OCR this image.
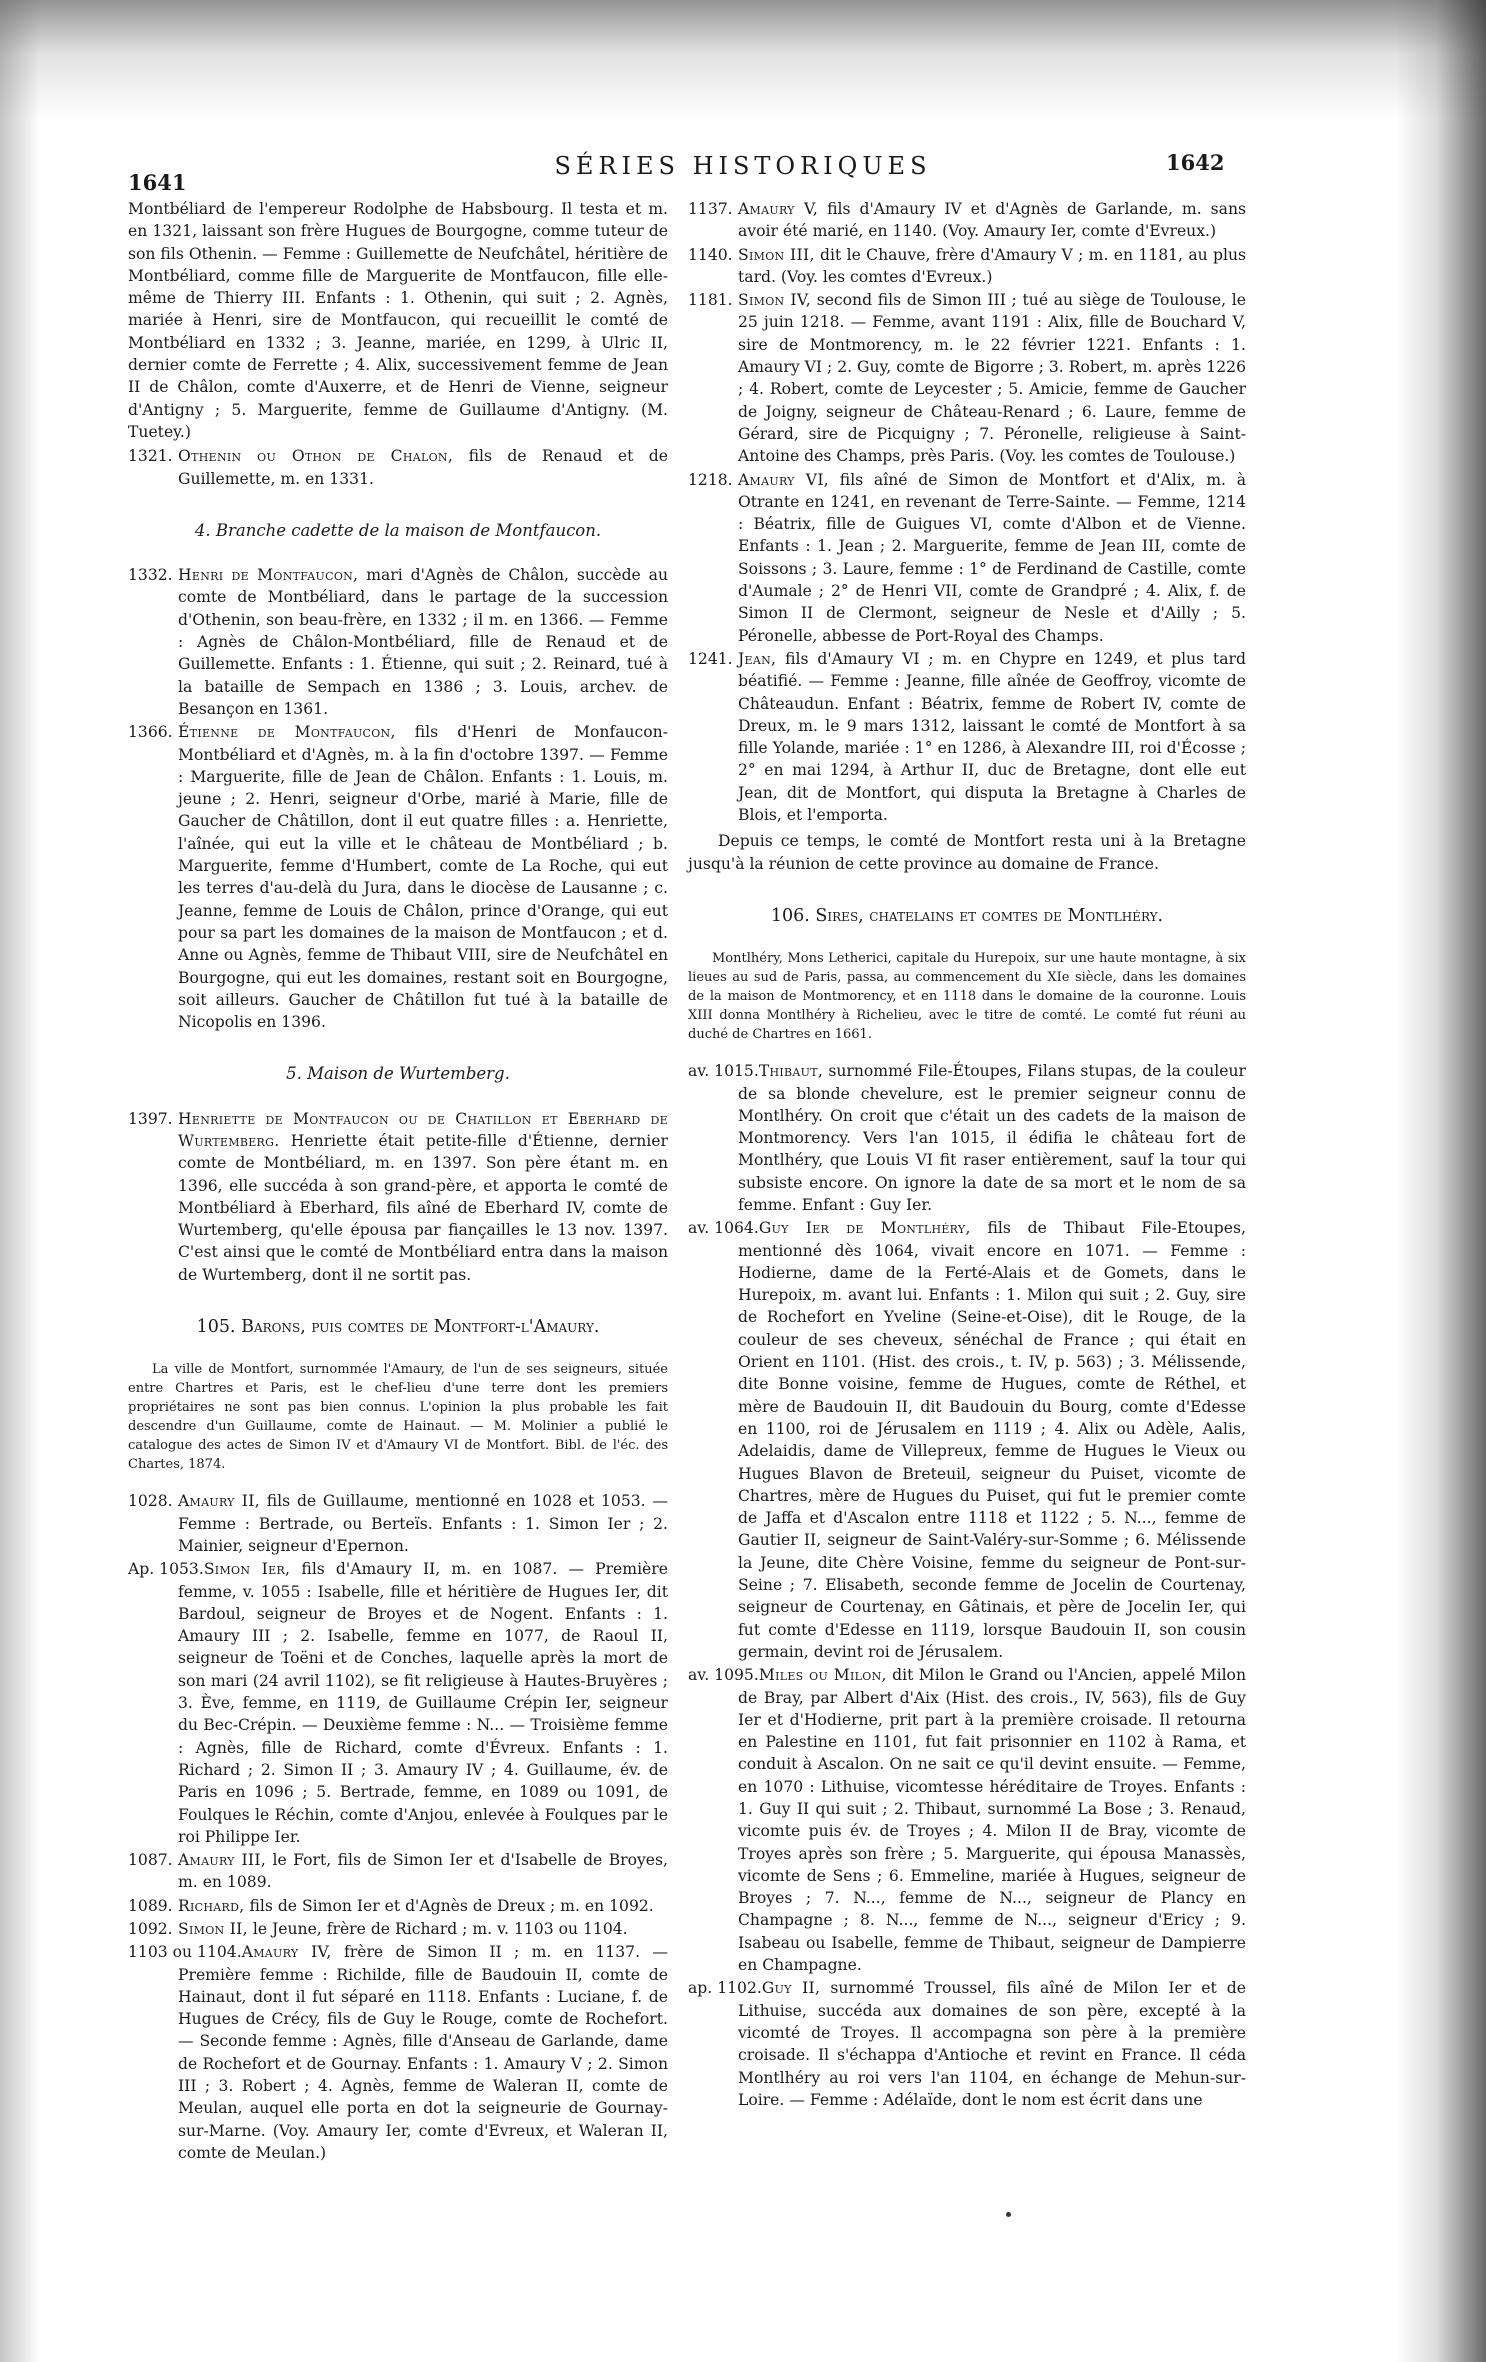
1641
SÉRIES HISTORIQUES	1642

Montbéliard de l'empereur Rodolphe de Habsbourg. Il testa et m. en 1321, laissant son frère Hugues de Bourgogne, comme tuteur de son fils Othenin. — Femme : Guillemette de Neufchâtel, héritière de Montbéliard, comme fille de Marguerite de Montfaucon, fille elle-même de Thierry III. Enfants : 1. Othenin, qui suit ; 2. Agnès, mariée à Henri, sire de Montfaucon, qui recueillit le comté de Montbéliard en 1332 ; 3. Jeanne, mariée, en 1299, à Ulric II, dernier comte de Ferrette ; 4. Alix, successivement femme de Jean II de Châlon, comte d'Auxerre, et de Henri de Vienne, seigneur d'Antigny ; 5. Marguerite, femme de Guillaume d'Antigny. (M. Tuetey.)

1321. Othenin ou Othon de Chalon, fils de Renaud et de Guillemette, m. en 1331.

4. Branche cadette de la maison de Montfaucon.

1332. Henri de Montfaucon, mari d'Agnès de Châlon, succède au comte de Montbéliard, dans le partage de la succession d'Othenin, son beau-frère, en 1332 ; il m. en 1366. — Femme : Agnès de Châlon-Montbéliard, fille de Renaud et de Guillemette. Enfants : 1. Étienne, qui suit ; 2. Reinard, tué à la bataille de Sempach en 1386 ; 3. Louis, archev. de Besançon en 1361.

1366. Étienne de Montfaucon, fils d'Henri de Monfaucon-Montbéliard et d'Agnès, m. à la fin d'octobre 1397. — Femme : Marguerite, fille de Jean de Châlon. Enfants : 1. Louis, m. jeune ; 2. Henri, seigneur d'Orbe, marié à Marie, fille de Gaucher de Châtillon, dont il eut quatre filles : a. Henriette, l'aînée, qui eut la ville et le château de Montbéliard ; b. Marguerite, femme d'Humbert, comte de La Roche, qui eut les terres d'au-delà du Jura, dans le diocèse de Lausanne ; c. Jeanne, femme de Louis de Châlon, prince d'Orange, qui eut pour sa part les domaines de la maison de Montfaucon ; et d. Anne ou Agnès, femme de Thibaut VIII, sire de Neufchâtel en Bourgogne, qui eut les domaines, restant soit en Bourgogne, soit ailleurs. Gaucher de Châtillon fut tué à la bataille de Nicopolis en 1396.

5. Maison de Wurtemberg.

1397. Henriette de Montfaucon ou de Chatillon et Eberhard de Wurtemberg. Henriette était petite-fille d'Étienne, dernier comte de Montbéliard, m. en 1397. Son père étant m. en 1396, elle succéda à son grand-père, et apporta le comté de Montbéliard à Eberhard, fils aîné de Eberhard IV, comte de Wurtemberg, qu'elle épousa par fiançailles le 13 nov. 1397. C'est ainsi que le comté de Montbéliard entra dans la maison de Wurtemberg, dont il ne sortit pas.

105. Barons, puis comtes de Montfort-l'Amaury.

La ville de Montfort, surnommée l'Amaury, de l'un de ses seigneurs, située entre Chartres et Paris, est le chef-lieu d'une terre dont les premiers propriétaires ne sont pas bien connus. L'opinion la plus probable les fait descendre d'un Guillaume, comte de Hainaut. — M. Molinier a publié le catalogue des actes de Simon IV et d'Amaury VI de Montfort. Bibl. de l'éc. des Chartes, 1874.

1028. Amaury II, fils de Guillaume, mentionné en 1028 et 1053. — Femme : Bertrade, ou Berteïs. Enfants : 1. Simon Ier ; 2. Mainier, seigneur d'Epernon.

Ap. 1053.Simon Ier, fils d'Amaury II, m. en 1087. — Première femme, v. 1055 : Isabelle, fille et héritière de Hugues Ier, dit Bardoul, seigneur de Broyes et de Nogent. Enfants : 1. Amaury III ; 2. Isabelle, femme en 1077, de Raoul II, seigneur de Toëni et de Conches, laquelle après la mort de son mari (24 avril 1102), se fit religieuse à Hautes-Bruyères ; 3. Ève, femme, en 1119, de Guillaume Crépin Ier, seigneur du Bec-Crépin. — Deuxième femme : N... — Troisième femme : Agnès, fille de Richard, comte d'Évreux. Enfants : 1. Richard ; 2. Simon II ; 3. Amaury IV ; 4. Guillaume, év. de Paris en 1096 ; 5. Bertrade, femme, en 1089 ou 1091, de Foulques le Réchin, comte d'Anjou, enlevée à Foulques par le roi Philippe Ier.

1087. Amaury III, le Fort, fils de Simon Ier et d'Isabelle de Broyes, m. en 1089.

1089. Richard, fils de Simon Ier et d'Agnès de Dreux ; m. en 1092.

1092. Simon II, le Jeune, frère de Richard ; m. v. 1103 ou 1104.

1103 ou 1104.Amaury IV, frère de Simon II ; m. en 1137. — Première femme : Richilde, fille de Baudouin II, comte de Hainaut, dont il fut séparé en 1118. Enfants : Luciane, f. de Hugues de Crécy, fils de Guy le Rouge, comte de Rochefort. — Seconde femme : Agnès, fille d'Anseau de Garlande, dame de Rochefort et de Gournay. Enfants : 1. Amaury V ; 2. Simon III ; 3. Robert ; 4. Agnès, femme de Waleran II, comte de Meulan, auquel elle porta en dot la seigneurie de Gournay-sur-Marne. (Voy. Amaury Ier, comte d'Evreux, et Waleran II, comte de Meulan.)

1137. Amaury V, fils d'Amaury IV et d'Agnès de Garlande, m. sans avoir été marié, en 1140. (Voy. Amaury Ier, comte d'Evreux.)

1140. Simon III, dit le Chauve, frère d'Amaury V ; m. en 1181, au plus tard. (Voy. les comtes d'Evreux.)

1181. Simon IV, second fils de Simon III ; tué au siège de Toulouse, le 25 juin 1218. — Femme, avant 1191 : Alix, fille de Bouchard V, sire de Montmorency, m. le 22 février 1221. Enfants : 1. Amaury VI ; 2. Guy, comte de Bigorre ; 3. Robert, m. après 1226 ; 4. Robert, comte de Leycester ; 5. Amicie, femme de Gaucher de Joigny, seigneur de Château-Renard ; 6. Laure, femme de Gérard, sire de Picquigny ; 7. Péronelle, religieuse à Saint-Antoine des Champs, près Paris. (Voy. les comtes de Toulouse.)

1218. Amaury VI, fils aîné de Simon de Montfort et d'Alix, m. à Otrante en 1241, en revenant de Terre-Sainte. — Femme, 1214 : Béatrix, fille de Guigues VI, comte d'Albon et de Vienne. Enfants : 1. Jean ; 2. Marguerite, femme de Jean III, comte de Soissons ; 3. Laure, femme : 1° de Ferdinand de Castille, comte d'Aumale ; 2° de Henri VII, comte de Grandpré ; 4. Alix, f. de Simon II de Clermont, seigneur de Nesle et d'Ailly ; 5. Péronelle, abbesse de Port-Royal des Champs.

1241. Jean, fils d'Amaury VI ; m. en Chypre en 1249, et plus tard béatifié. — Femme : Jeanne, fille aînée de Geoffroy, vicomte de Châteaudun. Enfant : Béatrix, femme de Robert IV, comte de Dreux, m. le 9 mars 1312, laissant le comté de Montfort à sa fille Yolande, mariée : 1° en 1286, à Alexandre III, roi d'Écosse ; 2° en mai 1294, à Arthur II, duc de Bretagne, dont elle eut Jean, dit de Montfort, qui disputa la Bretagne à Charles de Blois, et l'emporta.

Depuis ce temps, le comté de Montfort resta uni à la Bretagne jusqu'à la réunion de cette province au domaine de France.

106. Sires, chatelains et comtes de Montlhéry.

Montlhéry, Mons Letherici, capitale du Hurepoix, sur une haute montagne, à six lieues au sud de Paris, passa, au commencement du XIe siècle, dans les domaines de la maison de Montmorency, et en 1118 dans le domaine de la couronne. Louis XIII donna Montlhéry à Richelieu, avec le titre de comté. Le comté fut réuni au duché de Chartres en 1661.

av. 1015.Thibaut, surnommé File-Étoupes, Filans stupas, de la couleur de sa blonde chevelure, est le premier seigneur connu de Montlhéry. On croit que c'était un des cadets de la maison de Montmorency. Vers l'an 1015, il édifia le château fort de Montlhéry, que Louis VI fit raser entièrement, sauf la tour qui subsiste encore. On ignore la date de sa mort et le nom de sa femme. Enfant : Guy Ier.

av. 1064.Guy Ier de Montlhéry, fils de Thibaut File-Etoupes, mentionné dès 1064, vivait encore en 1071. — Femme : Hodierne, dame de la Ferté-Alais et de Gomets, dans le Hurepoix, m. avant lui. Enfants : 1. Milon qui suit ; 2. Guy, sire de Rochefort en Yveline (Seine-et-Oise), dit le Rouge, de la couleur de ses cheveux, sénéchal de France ; qui était en Orient en 1101. (Hist. des crois., t. IV, p. 563) ; 3. Mélissende, dite Bonne voisine, femme de Hugues, comte de Réthel, et mère de Baudouin II, dit Baudouin du Bourg, comte d'Edesse en 1100, roi de Jérusalem en 1119 ; 4. Alix ou Adèle, Aalis, Adelaidis, dame de Villepreux, femme de Hugues le Vieux ou Hugues Blavon de Breteuil, seigneur du Puiset, vicomte de Chartres, mère de Hugues du Puiset, qui fut le premier comte de Jaffa et d'Ascalon entre 1118 et 1122 ; 5. N..., femme de Gautier II, seigneur de Saint-Valéry-sur-Somme ; 6. Mélissende la Jeune, dite Chère Voisine, femme du seigneur de Pont-sur-Seine ; 7. Elisabeth, seconde femme de Jocelin de Courtenay, seigneur de Courtenay, en Gâtinais, et père de Jocelin Ier, qui fut comte d'Edesse en 1119, lorsque Baudouin II, son cousin germain, devint roi de Jérusalem.

av. 1095.Miles ou Milon, dit Milon le Grand ou l'Ancien, appelé Milon de Bray, par Albert d'Aix (Hist. des crois., IV, 563), fils de Guy Ier et d'Hodierne, prit part à la première croisade. Il retourna en Palestine en 1101, fut fait prisonnier en 1102 à Rama, et conduit à Ascalon. On ne sait ce qu'il devint ensuite. — Femme, en 1070 : Lithuise, vicomtesse héréditaire de Troyes. Enfants : 1. Guy II qui suit ; 2. Thibaut, surnommé La Bose ; 3. Renaud, vicomte puis év. de Troyes ; 4. Milon II de Bray, vicomte de Troyes après son frère ; 5. Marguerite, qui épousa Manassès, vicomte de Sens ; 6. Emmeline, mariée à Hugues, seigneur de Broyes ; 7. N..., femme de N..., seigneur de Plancy en Champagne ; 8. N..., femme de N..., seigneur d'Ericy ; 9. Isabeau ou Isabelle, femme de Thibaut, seigneur de Dampierre en Champagne.

ap. 1102.Guy II, surnommé Troussel, fils aîné de Milon Ier et de Lithuise, succéda aux domaines de son père, excepté à la vicomté de Troyes. Il accompagna son père à la première croisade. Il s'échappa d'Antioche et revint en France. Il céda Montlhéry au roi vers l'an 1104, en échange de Mehun-sur-Loire. — Femme : Adélaïde, dont le nom est écrit dans une
